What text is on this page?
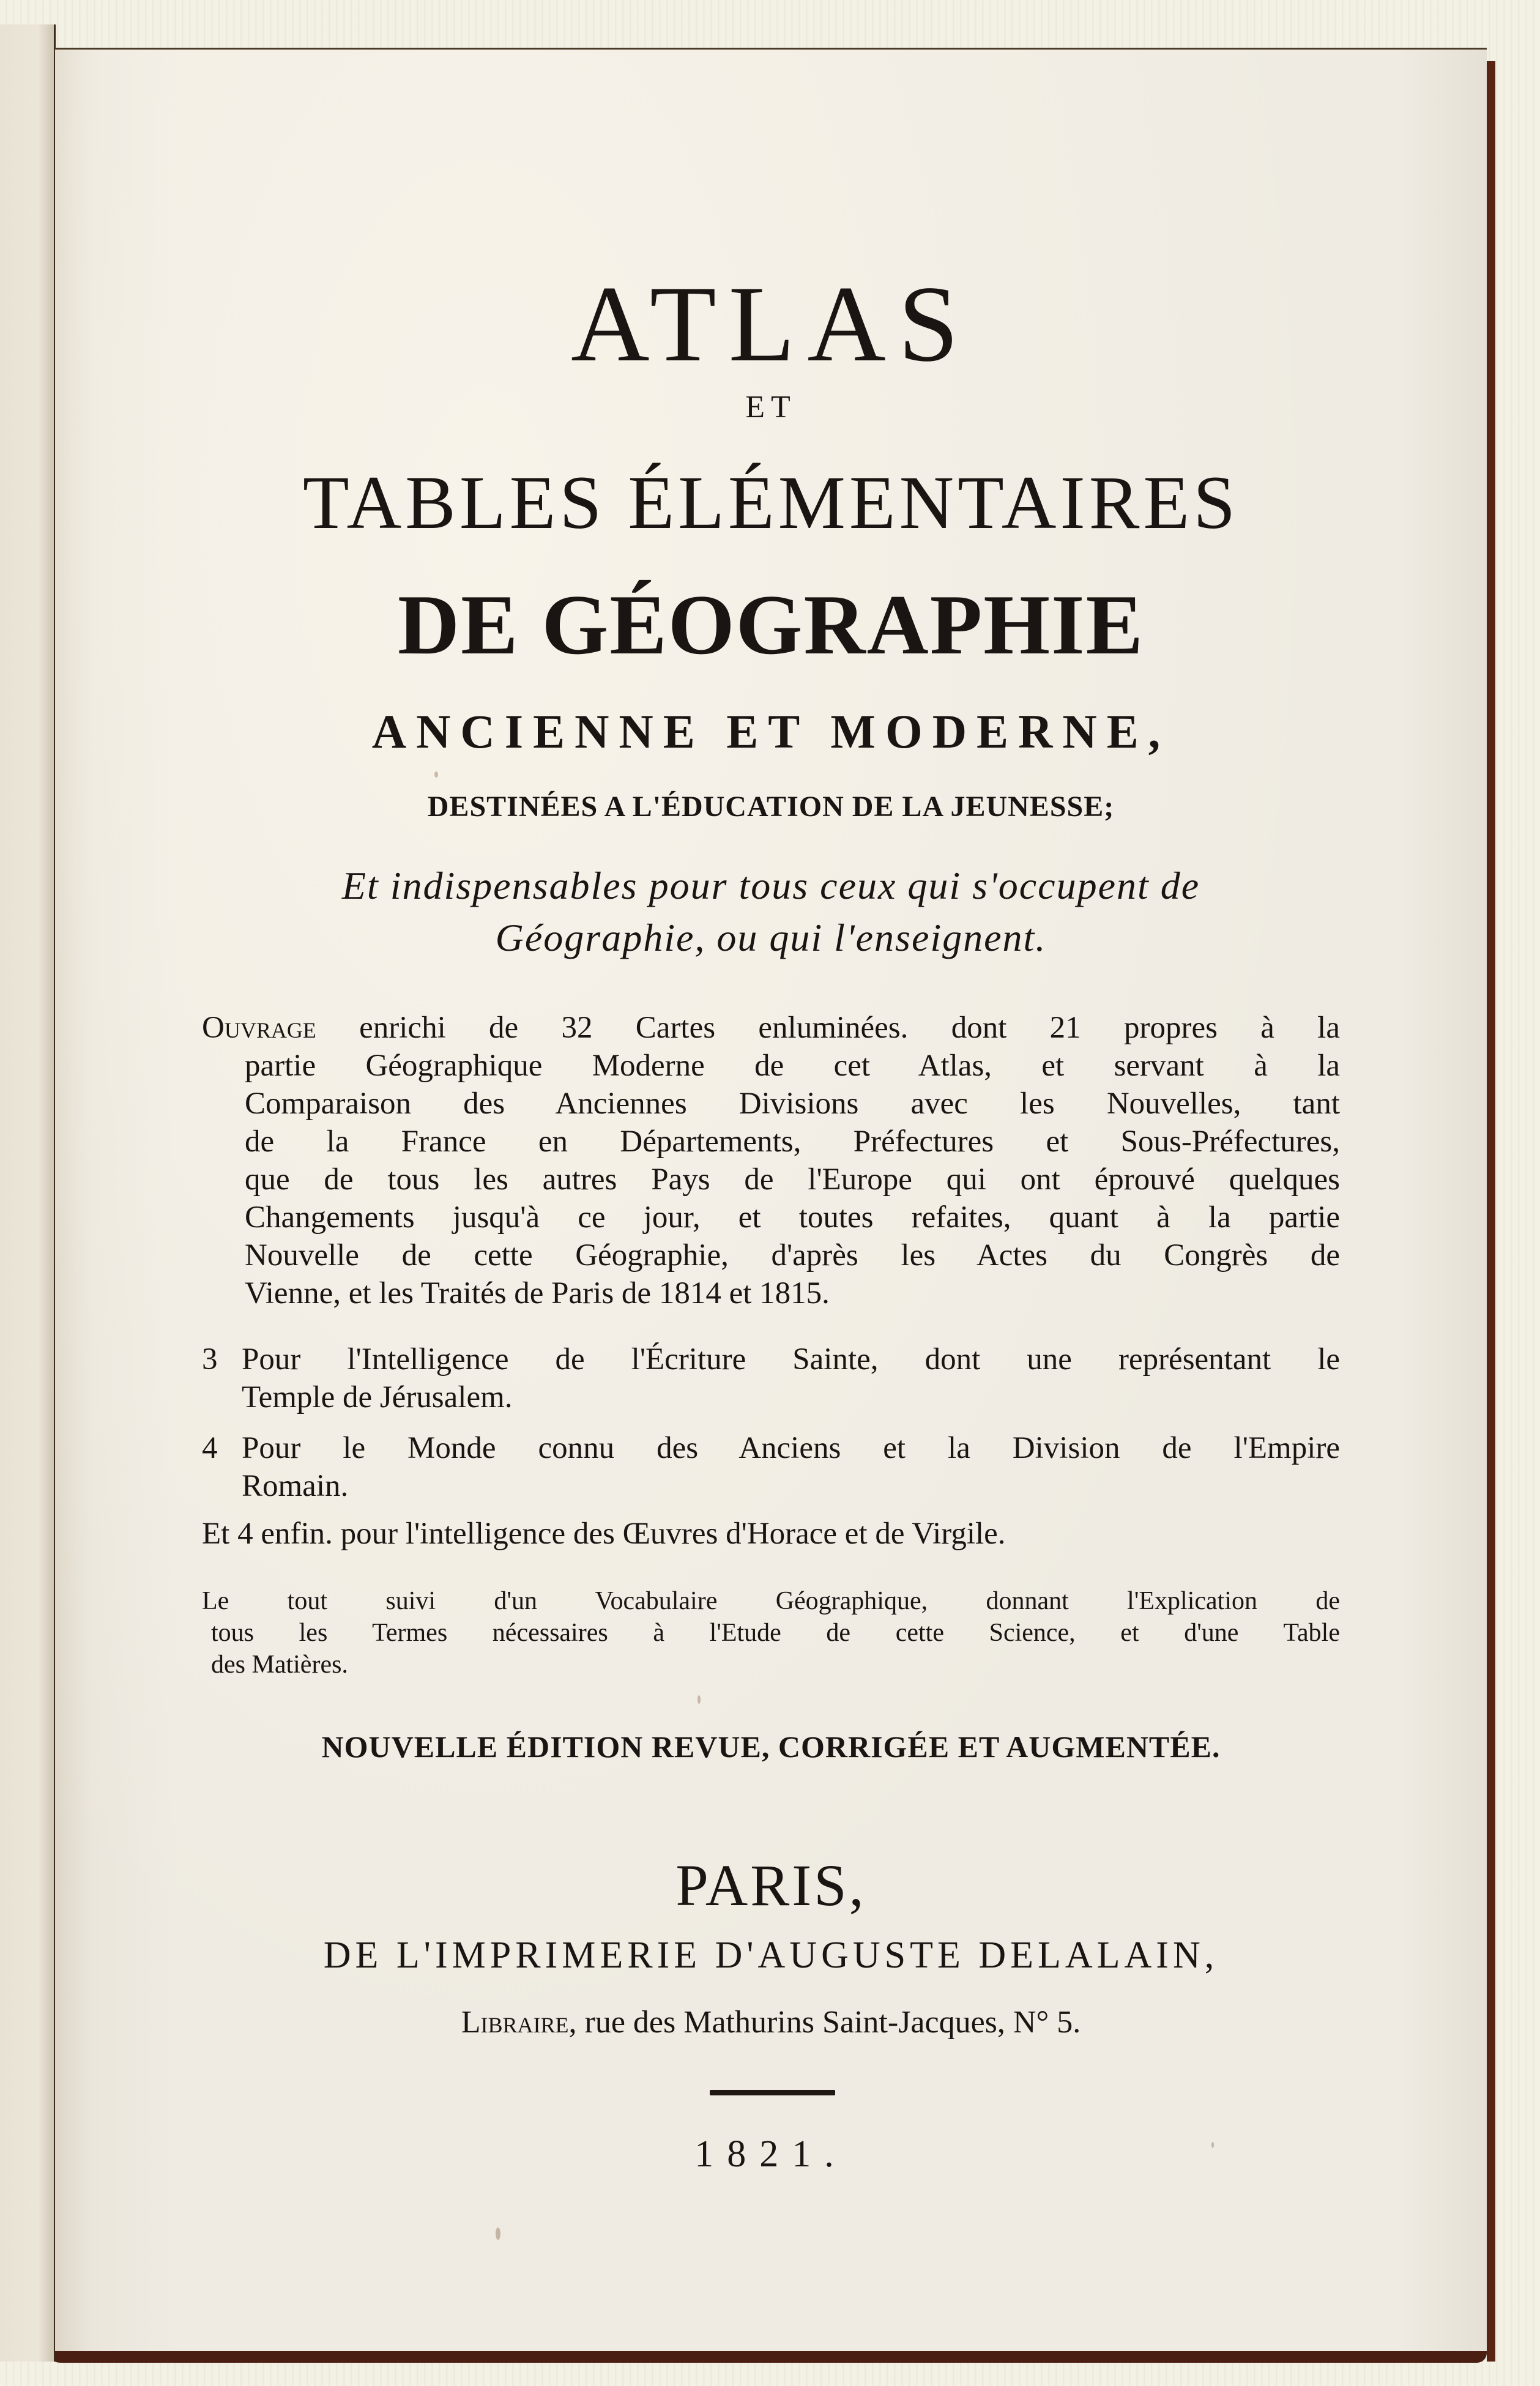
ATLAS
ET
TABLES ÉLÉMENTAIRES
DE GÉOGRAPHIE
ANCIENNE ET MODERNE,
DESTINÉES A L'ÉDUCATION DE LA JEUNESSE;
Et indispensables pour tous ceux qui s'occupent de
Géographie, ou qui l'enseignent.
Ouvrage enrichi de 32 Cartes enluminées. dont 21 propres à la
partie Géographique Moderne de cet Atlas, et servant à la
Comparaison des Anciennes Divisions avec les Nouvelles, tant
de la France en Départements, Préfectures et Sous-Préfectures,
que de tous les autres Pays de l'Europe qui ont éprouvé quelques
Changements jusqu'à ce jour, et toutes refaites, quant à la partie
Nouvelle de cette Géographie, d'après les Actes du Congrès de
Vienne, et les Traités de Paris de 1814 et 1815.
3 Pour l'Intelligence de l'Écriture Sainte, dont une représentant le
Temple de Jérusalem.
4 Pour le Monde connu des Anciens et la Division de l'Empire
Romain.
Et 4 enfin. pour l'intelligence des Œuvres d'Horace et de Virgile.
Le tout suivi d'un Vocabulaire Géographique, donnant l'Explication de
tous les Termes nécessaires à l'Etude de cette Science, et d'une Table
des Matières.
NOUVELLE ÉDITION REVUE, CORRIGÉE ET AUGMENTÉE.
PARIS,
DE L'IMPRIMERIE D'AUGUSTE DELALAIN,
Libraire, rue des Mathurins Saint-Jacques, N° 5.
1821.
